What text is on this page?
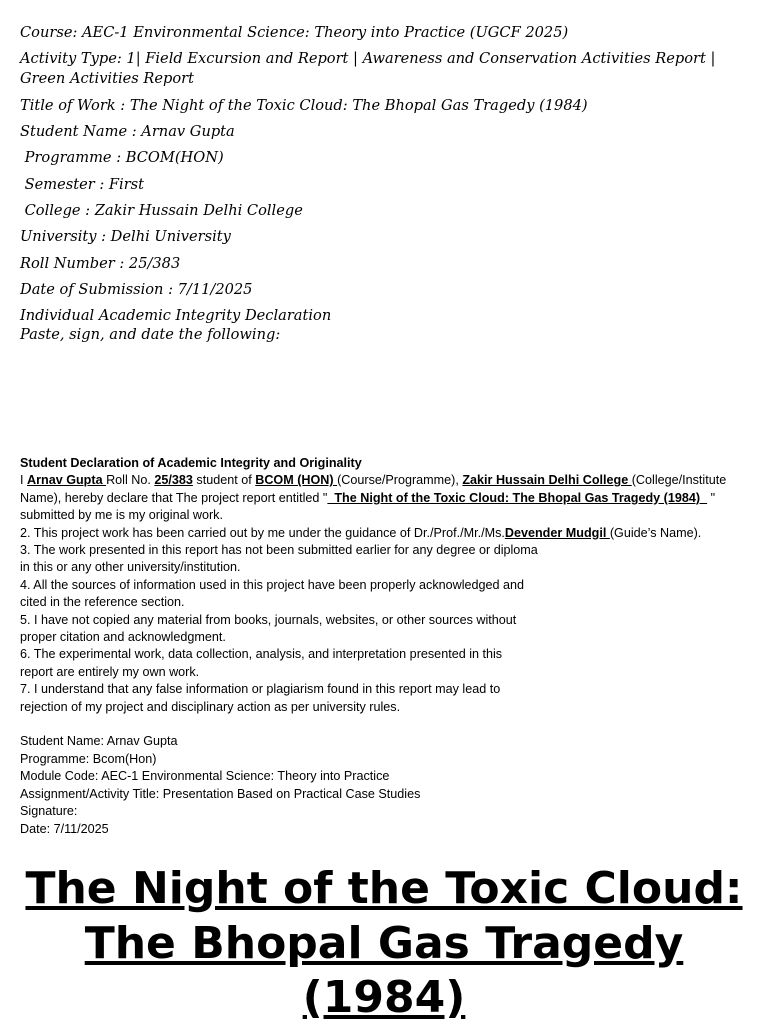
Course: AEC-1 Environmental Science: Theory into Practice (UGCF 2025)

Activity Type: 1| Field Excursion and Report | Awareness and Conservation Activities Report | Green Activities Report

Title of Work : The Night of the Toxic Cloud: The Bhopal Gas Tragedy (1984)

Student Name : Arnav Gupta

Programme : BCOM(HON)

Semester : First

College : Zakir Hussain Delhi College

University : Delhi University

Roll Number : 25/383

Date of Submission : 7/11/2025

Individual Academic Integrity Declaration

Paste, sign, and date the following:

Student Declaration of Academic Integrity and Originality
I Arnav Gupta Roll No. 25/383 student of BCOM (HON) (Course/Programme), Zakir Hussain Delhi College (College/Institute
Name), hereby declare that The project report entitled "  The Night of the Toxic Cloud: The Bhopal Gas Tragedy (1984)   "
submitted by me is my original work.
2. This project work has been carried out by me under the guidance of Dr./Prof./Mr./Ms.Devender Mudgil (Guide’s Name).
3. The work presented in this report has not been submitted earlier for any degree or diploma
in this or any other university/institution.
4. All the sources of information used in this project have been properly acknowledged and
cited in the reference section.
5. I have not copied any material from books, journals, websites, or other sources without
proper citation and acknowledgment.
6. The experimental work, data collection, analysis, and interpretation presented in this
report are entirely my own work.
7. I understand that any false information or plagiarism found in this report may lead to
rejection of my project and disciplinary action as per university rules.
Student Name: Arnav Gupta
Programme: Bcom(Hon)
Module Code: AEC-1 Environmental Science: Theory into Practice
Assignment/Activity Title: Presentation Based on Practical Case Studies
Signature:
Date: 7/11/2025
The Night of the Toxic Cloud: The Bhopal Gas Tragedy (1984)
